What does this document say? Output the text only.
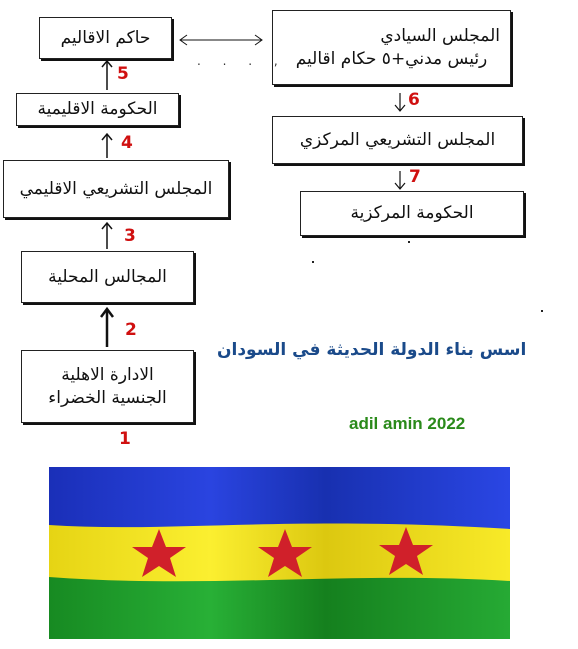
حاكم الاقاليم
الحكومة الاقليمية
المجلس التشريعي الاقليمي
المجالس المحلية
الادارة الاهلية
الجنسية الخضراء
المجلس السيادي
رئيس مدني+٥ حكام اقاليم
المجلس التشريعي المركزي
الحكومة المركزية
5
4
3
2
1
6
7
. . . ,
اسس بناء الدولة الحديثة في السودان
adil amin 2022
